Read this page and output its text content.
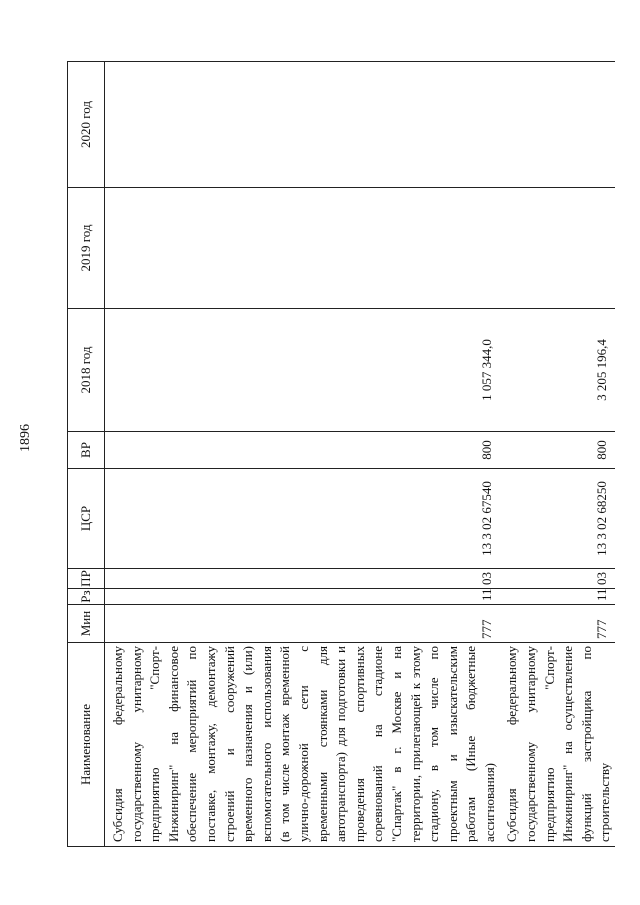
1896
Наименование	Мин	Рз	ПР	ЦСР	ВР	2018 год	2019 год	2020 год
Субсидия федеральному государственному унитарному предприятию "Спорт-Инжиниринг" на финансовое обеспечение мероприятий по поставке, монтажу, демонтажу строений и сооружений временного назначения и (или) вспомогательного использования (в том числе монтаж временной улично-дорожной сети с временными стоянками для автотранспорта) для подготовки и проведения спортивных соревнований на стадионе "Спартак" в г. Москве и на территории, прилегающей к этому стадиону, в том числе по проектным и изыскательским работам (Иные бюджетные ассигнования)	777	11	03	13 3 02 67540	800	1 057 344,0		
Субсидия федеральному государственному унитарному предприятию "Спорт-Инжиниринг" на осуществление функций застройщика по строительству	777	11	03	13 3 02 68250	800	3 205 196,4		
